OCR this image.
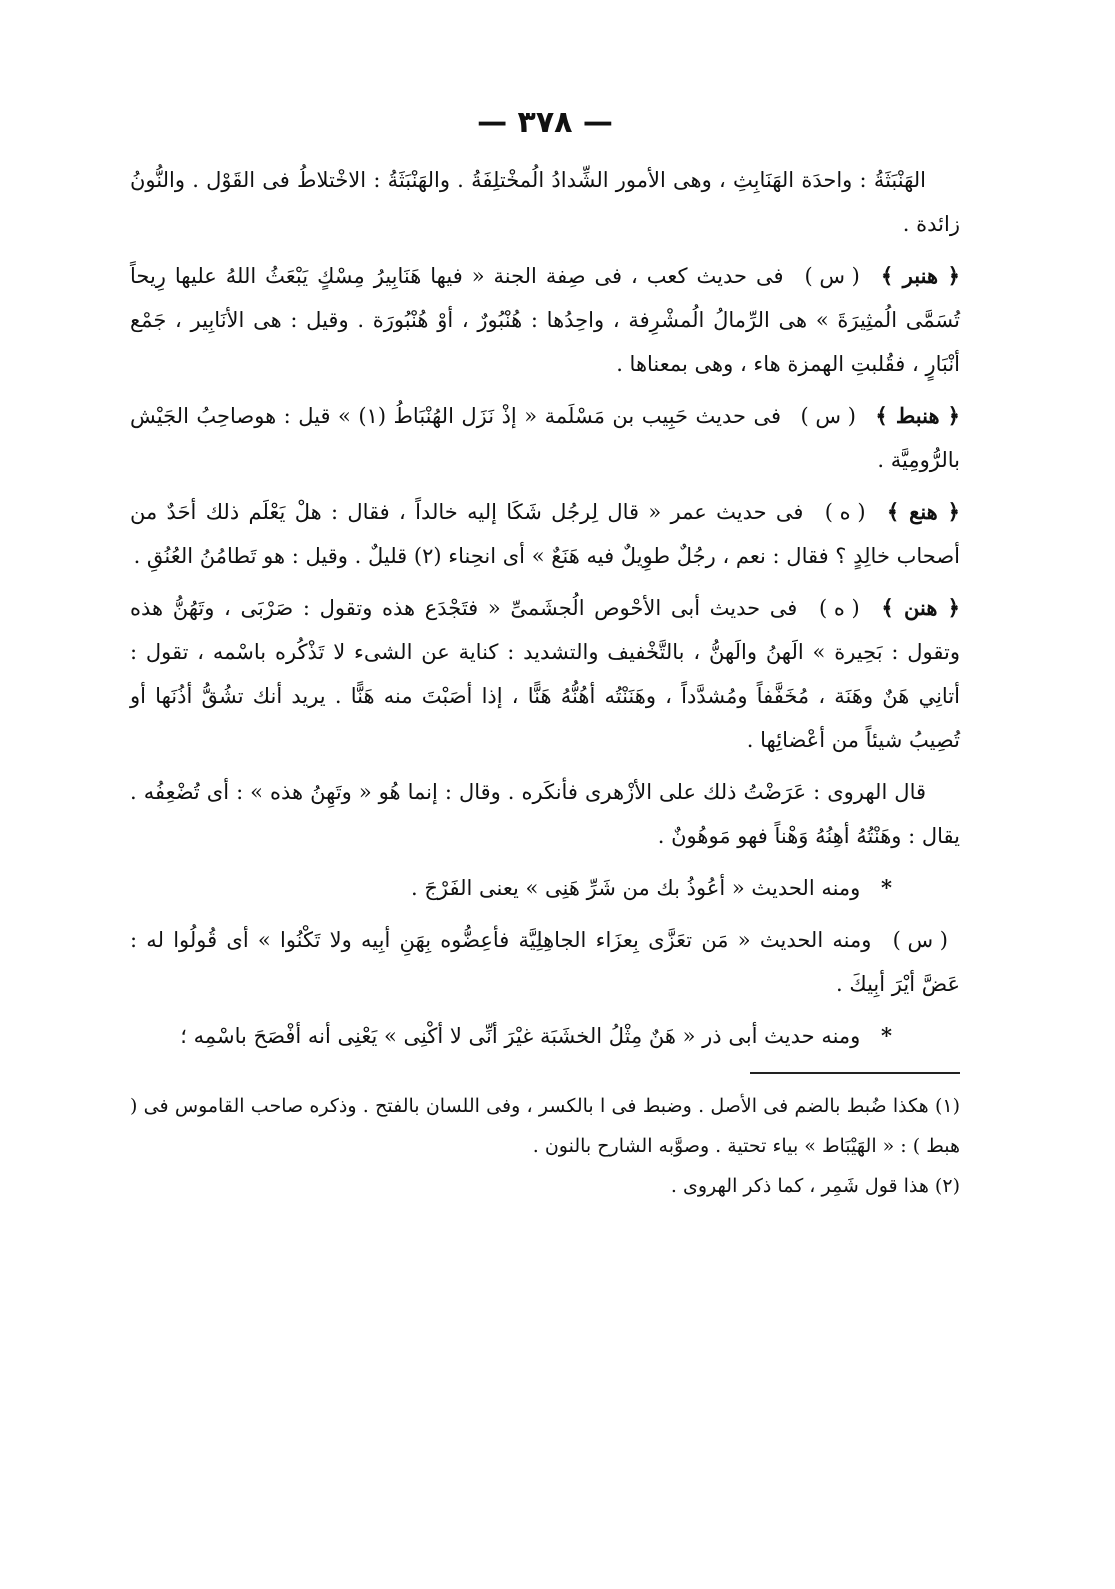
— ٣٧٨ —

الهَنْبَثَةُ : واحدَة الهَنَابِثِ ، وهى الأمور الشِّدادُ الُمخْتلِفَةُ . والهَنْبَثَةُ : الاخْتلاطُ فى القَوْل . والنُّونُ زائدة .

﴿ هنبر ﴾ ( س ) فى حديث كعب ، فى صِفة الجنة « فيها هَنَابِيرُ مِسْكٍ يَبْعَثُ اللهُ عليها رِيحاً تُسَمَّى الُمثِيرَةَ » هى الرِّمالُ الُمشْرِفة ، واحِدُها : هُنْبُورٌ ، أوْ هُنْبُورَة . وقيل : هى الأنَابِير ، جَمْع أنْبَارٍ ، فقُلبتِ الهمزة هاء ، وهى بمعناها .

﴿ هنبط ﴾ ( س ) فى حديث حَبِيب بن مَسْلَمة « إذْ نَزَل الهُنْبَاطُ (١) » قيل : هوصاحِبُ الجَيْش بالرُّومِيَّة .

﴿ هنع ﴾ ( ه ) فى حديث عمر « قال لِرجُل شَكَا إليه خالداً ، فقال : هلْ يَعْلَم ذلك أحَدٌ من أصحاب خالِدٍ ؟ فقال : نعم ، رجُلٌ طوِيلٌ فيه هَنَعٌ » أى انحِناء (٢) قليلٌ . وقيل : هو تَطامُنُ العُنُقِ .

﴿ هنن ﴾ ( ه ) فى حديث أبى الأحْوص الُجشَمىِّ « فتَجْدَع هذه وتقول : صَرْبَى ، وتَهُنُّ هذه وتقول : بَحِيرة » الَهنُ والَهنُّ ، بالتَّخْفيف والتشديد : كناية عن الشىء لا تَذْكُره باسْمه ، تقول : أتانِي هَنٌ وهَنَة ، مُخَفَّفاً ومُشدَّداً ، وهَنَنْتُه أهُنُّهُ هَنًّا ، إذا أصَبْتَ منه هَنًّا . يريد أنك تشُقُّ أذُنَها أو تُصِيبُ شيئاً من أعْضائِها .

قال الهروى : عَرَضْتُ ذلك على الأزْهرى فأنكَره . وقال : إنما هُو « وتَهِنُ هذه » : أى تُضْعِفُه . يقال : وهَنْتُهُ أهِنُهُ وَهْناً فهو مَوهُونٌ .

* ومنه الحديث « أعُوذُ بك من شَرِّ هَنِى » يعنى الفَرْجَ .

( س ) ومنه الحديث « مَن تعَزَّى بِعزَاء الجاهِلِيَّة فأعِضُّوه بِهَنِ أبِيه ولا تَكْنُوا » أى قُولُوا له : عَضَّ أيْرَ أبِيكَ .

* ومنه حديث أبى ذر « هَنٌ مِثْلُ الخشَبَة غيْرَ أنِّى لا أكْنِى » يَعْنِى أنه أفْصَحَ باسْمِه ؛

(١) هكذا ضُبط بالضم فى الأصل . وضبط فى ا بالكسر ، وفى اللسان بالفتح . وذكره صاحب القاموس فى ( هبط ) : « الهَيْبَاط » بياء تحتية . وصوَّبه الشارح بالنون .

(٢) هذا قول شَمِر ، كما ذكر الهروى .
